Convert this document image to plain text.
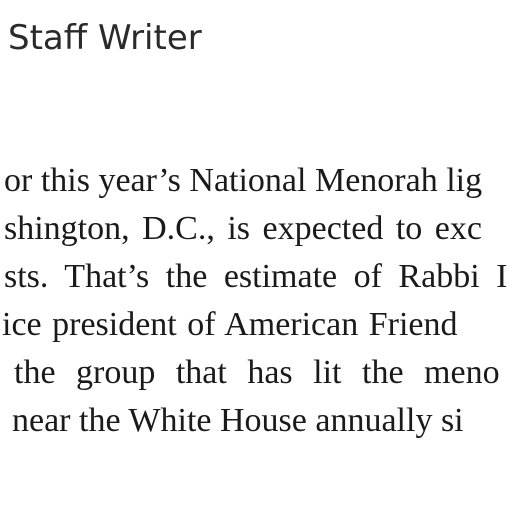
Staff Writer
or this year’s National Menorah lig
shington, D.C., is expected to exc
sts. That’s the estimate of Rabbi I
ice president of American Friend
the group that has lit the meno
near the White House annually si
